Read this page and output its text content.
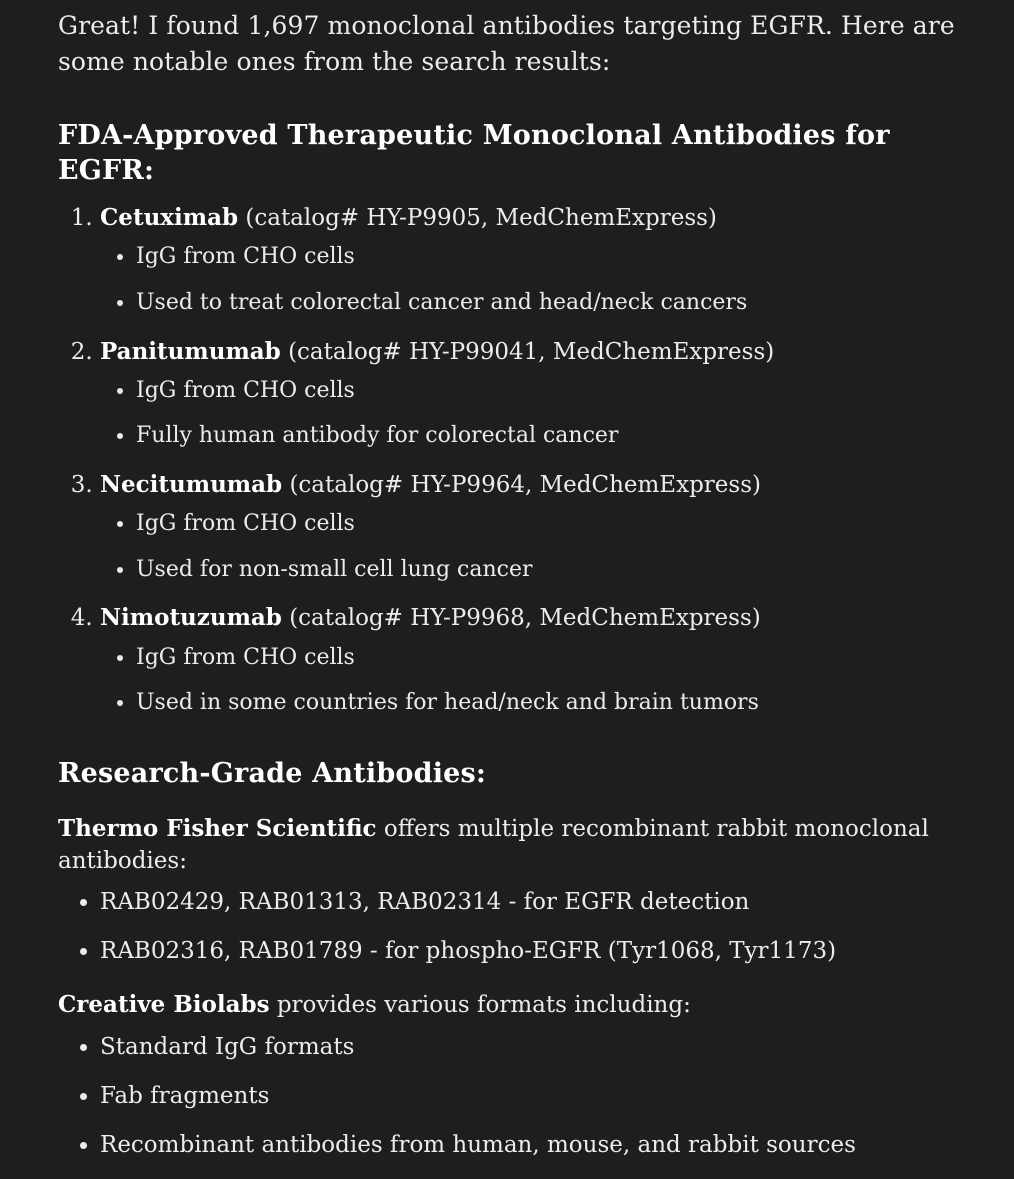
Great! I found 1,697 monoclonal antibodies targeting EGFR. Here are some notable ones from the search results:

FDA-Approved Therapeutic Monoclonal Antibodies for EGFR:
1. Cetuximab (catalog# HY-P9905, MedChemExpress)
• IgG from CHO cells
• Used to treat colorectal cancer and head/neck cancers
2. Panitumumab (catalog# HY-P99041, MedChemExpress)
• IgG from CHO cells
• Fully human antibody for colorectal cancer
3. Necitumumab (catalog# HY-P9964, MedChemExpress)
• IgG from CHO cells
• Used for non-small cell lung cancer
4. Nimotuzumab (catalog# HY-P9968, MedChemExpress)
• IgG from CHO cells
• Used in some countries for head/neck and brain tumors
Research-Grade Antibodies:

Thermo Fisher Scientific offers multiple recombinant rabbit monoclonal antibodies:

• RAB02429, RAB01313, RAB02314 - for EGFR detection
• RAB02316, RAB01789 - for phospho-EGFR (Tyr1068, Tyr1173)

Creative Biolabs provides various formats including:

• Standard IgG formats
• Fab fragments
• Recombinant antibodies from human, mouse, and rabbit sources
